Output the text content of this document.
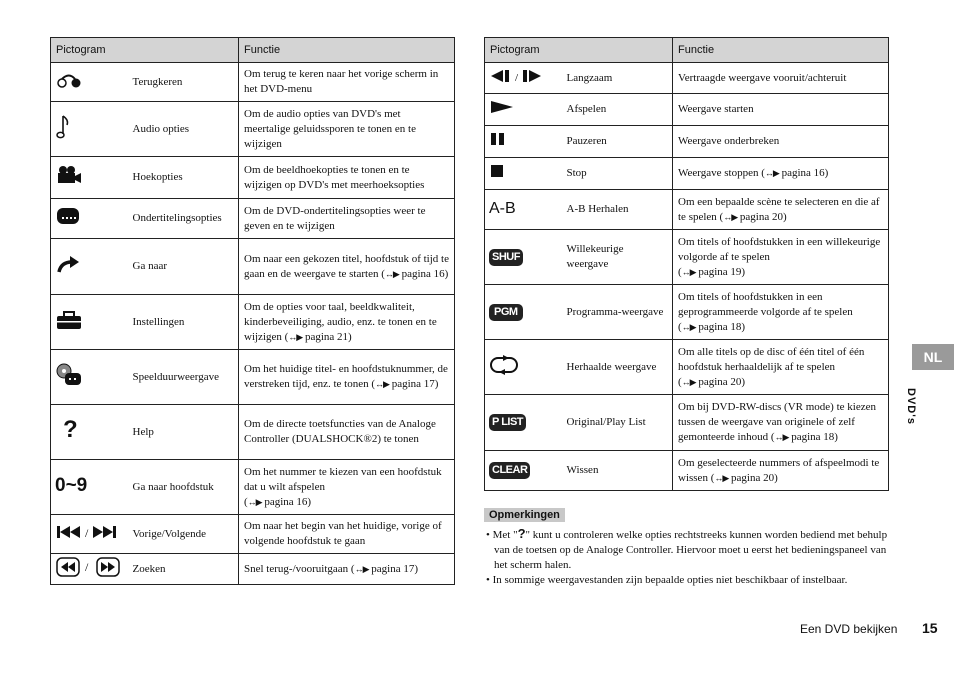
Pictogram		Functie

	Terugkeren	Om terug te keren naar het vorige scherm in het DVD-menu

	Audio opties	Om de audio opties van DVD's met meertalige geluidssporen te tonen en te wijzigen

	Hoekopties	Om de beeldhoekopties te tonen en te wijzigen op DVD's met meerhoeksopties

	Ondertitelingsopties	Om de DVD-ondertitelingsopties weer te geven en te wijzigen

	Ga naar	Om naar een gekozen titel, hoofdstuk of tijd te gaan en de weergave te starten (↔▶ pagina 16)

	Instellingen	Om de opties voor taal, beeldkwaliteit, kinderbeveiliging, audio, enz. te tonen en te wijzigen (↔▶ pagina 21)

	Speelduurweergave	Om het huidige titel- en hoofdstuknummer, de verstreken tijd, enz. te tonen (↔▶ pagina 17)
?	Help	Om de directe toetsfuncties van de Analoge Controller (DUALSHOCK®2) te tonen
0~9	Ga naar hoofdstuk	Om het nummer te kiezen van een hoofdstuk dat u wilt afspelen
(↔▶ pagina 16)

/	Vorige/Volgende	Om naar het begin van het huidige, vorige of volgende hoofdstuk te gaan

/	Zoeken	Snel terug-/vooruitgaan (↔▶ pagina 17)
Pictogram		Functie

/	Langzaam	Vertraagde weergave vooruit/achteruit

	Afspelen	Weergave starten

	Pauzeren	Weergave onderbreken

	Stop	Weergave stoppen (↔▶ pagina 16)
A-B	A-B Herhalen	Om een bepaalde scène te selecteren en die af te spelen (↔▶ pagina 20)
SHUF	Willekeurige weergave	Om titels of hoofdstukken in een willekeurige volgorde af te spelen
(↔▶ pagina 19)
PGM	Programma-weergave	Om titels of hoofdstukken in een geprogrammeerde volgorde af te spelen
(↔▶ pagina 18)

	Herhaalde weergave	Om alle titels op de disc of één titel of één hoofdstuk herhaaldelijk af te spelen
(↔▶ pagina 20)
P LIST	Original/Play List	Om bij DVD-RW-discs (VR mode) te kiezen tussen de weergave van originele of zelf gemonteerde inhoud (↔▶ pagina 18)
CLEAR	Wissen	Om geselecteerde nummers of afspeelmodi te wissen (↔▶ pagina 20)
Opmerkingen
• Met "?" kunt u controleren welke opties rechtstreeks kunnen worden bediend met behulp van de toetsen op de Analoge Controller. Hiervoor moet u eerst het bedieningspaneel van het scherm halen.
• In sommige weergavestanden zijn bepaalde opties niet beschikbaar of instelbaar.
NL
DVD's
Een DVD bekijken 15
